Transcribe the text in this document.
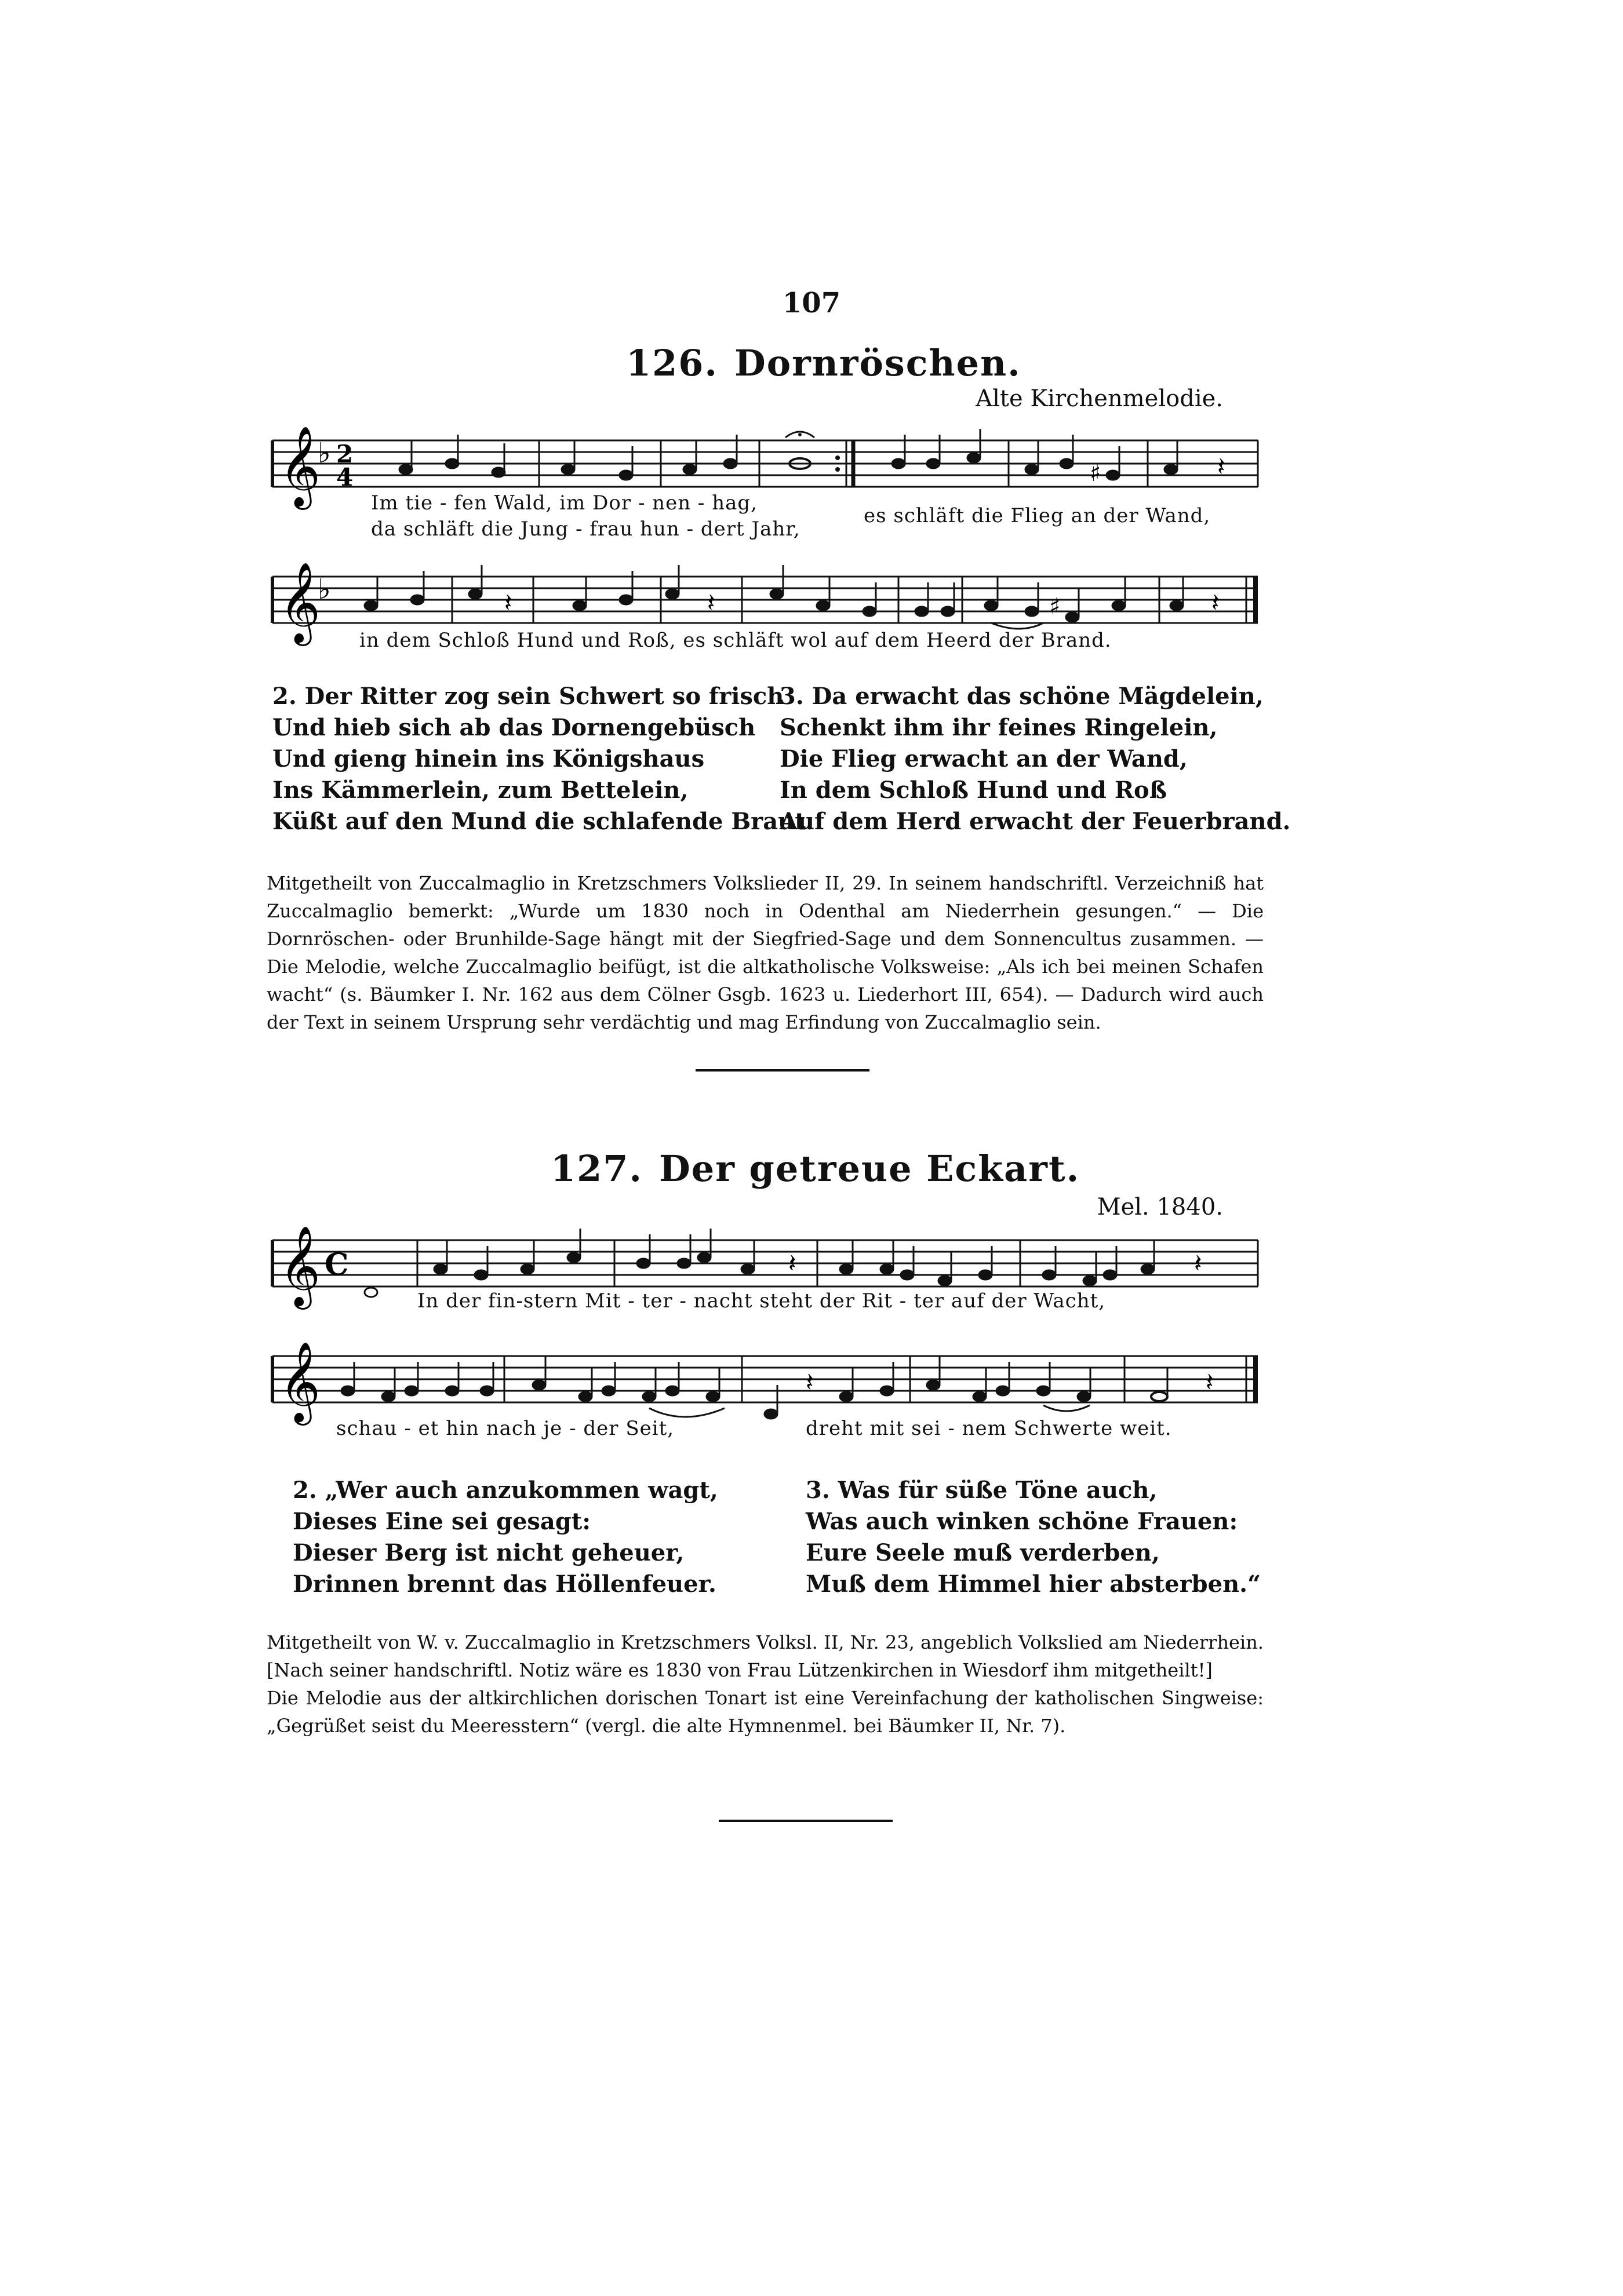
107
126. Dornröschen.
Alte Kirchenmelodie.
𝄞
♭ 2
4	♯	𝄽
Im tie - fen Wald, im Dor - nen - hag,
da schläft die Jung - frau hun - dert Jahr,
es schläft die Flieg an der Wand,
𝄞
♭
♯
𝄽	𝄽	𝄽
in dem Schloß Hund und Roß, es schläft wol auf dem Heerd der Brand.
2. Der Ritter zog sein Schwert so frisch
Und hieb sich ab das Dornengebüsch
Und gieng hinein ins Königshaus
Ins Kämmerlein, zum Bettelein,
Küßt auf den Mund die schlafende Braut.
3. Da erwacht das schöne Mägdelein,
Schenkt ihm ihr feines Ringelein,
Die Flieg erwacht an der Wand,
In dem Schloß Hund und Roß
Auf dem Herd erwacht der Feuerbrand.

Mitgetheilt von Zuccalmaglio in Kretzschmers Volkslieder II, 29. In seinem handschriftl. Verzeichniß hat Zuccalmaglio bemerkt: „Wurde um 1830 noch in Odenthal am Niederrhein gesungen.“ — Die Dornröschen- oder Brunhilde-Sage hängt mit der Siegfried-Sage und dem Sonnencultus zusammen. — Die Melodie, welche Zuccalmaglio beifügt, ist die altkatholische Volksweise: „Als ich bei meinen Schafen wacht“ (s. Bäumker I. Nr. 162 aus dem Cölner Gsgb. 1623 u. Liederhort III, 654). — Dadurch wird auch der Text in seinem Ursprung sehr verdächtig und mag Erfindung von Zuccalmaglio sein.

127. Der getreue Eckart.
Mel. 1840.
𝄞 C	𝄽	𝄽
In der fin-stern Mit - ter - nacht steht der Rit - ter auf der Wacht,
𝄞	𝄽	𝄽
schau - et hin nach je - der Seit,	dreht mit sei - nem Schwerte weit.
2. „Wer auch anzukommen wagt,
Dieses Eine sei gesagt:
Dieser Berg ist nicht geheuer,
Drinnen brennt das Höllenfeuer.
3. Was für süße Töne auch,
Was auch winken schöne Frauen:
Eure Seele muß verderben,
Muß dem Himmel hier absterben.“

Mitgetheilt von W. v. Zuccalmaglio in Kretzschmers Volksl. II, Nr. 23, angeblich Volkslied am Niederrhein. [Nach seiner handschriftl. Notiz wäre es 1830 von Frau Lützenkirchen in Wiesdorf ihm mitgetheilt!]

Die Melodie aus der altkirchlichen dorischen Tonart ist eine Vereinfachung der katholischen Singweise: „Gegrüßet seist du Meeresstern“ (vergl. die alte Hymnenmel. bei Bäumker II, Nr. 7).
